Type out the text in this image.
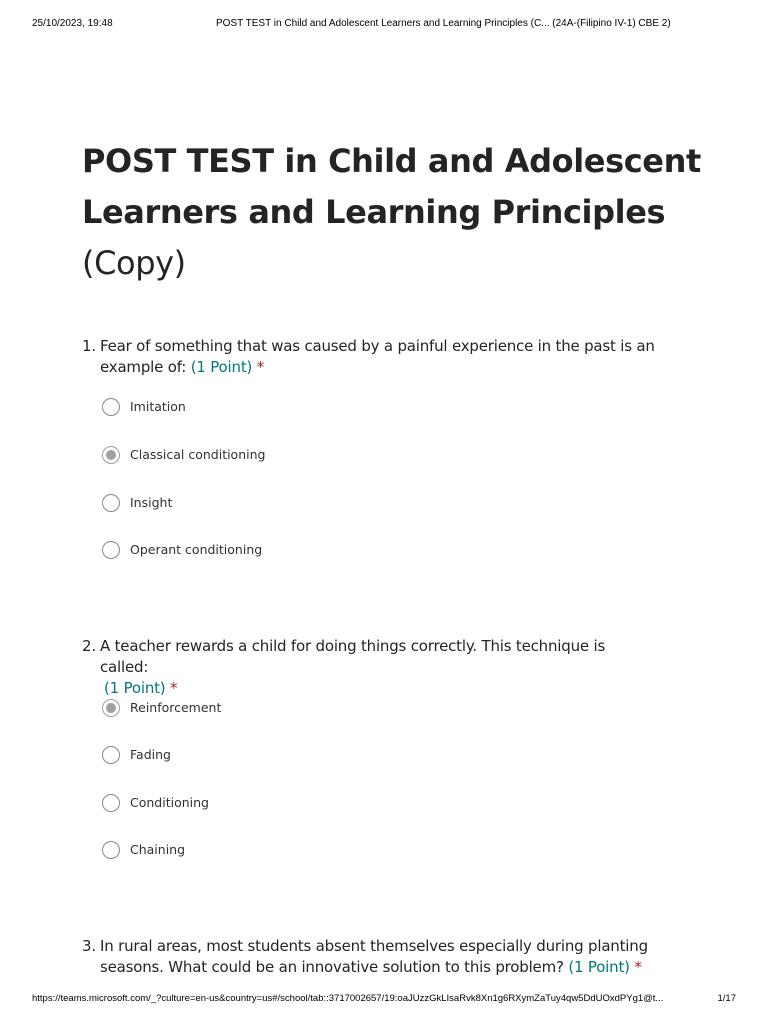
25/10/2023, 19:48	POST TEST in Child and Adolescent Learners and Learning Principles (C... (24A-(Filipino IV-1) CBE 2)
POST TEST in Child and Adolescent Learners and Learning Principles (Copy)
1. Fear of something that was caused by a painful experience in the past is an example of: (1 Point) *
Imitation
Classical conditioning
Insight
Operant conditioning
2. A teacher rewards a child for doing things correctly. This technique is called:
(1 Point) *
Reinforcement
Fading
Conditioning
Chaining
3. In rural areas, most students absent themselves especially during planting seasons. What could be an innovative solution to this problem? (1 Point) *
https://teams.microsoft.com/_?culture=en-us&country=us#/school/tab::3717002657/19:oaJUzzGkLIsaRvk8Xn1g6RXymZaTuy4qw5DdUOxdPYg1@t...	1/17
